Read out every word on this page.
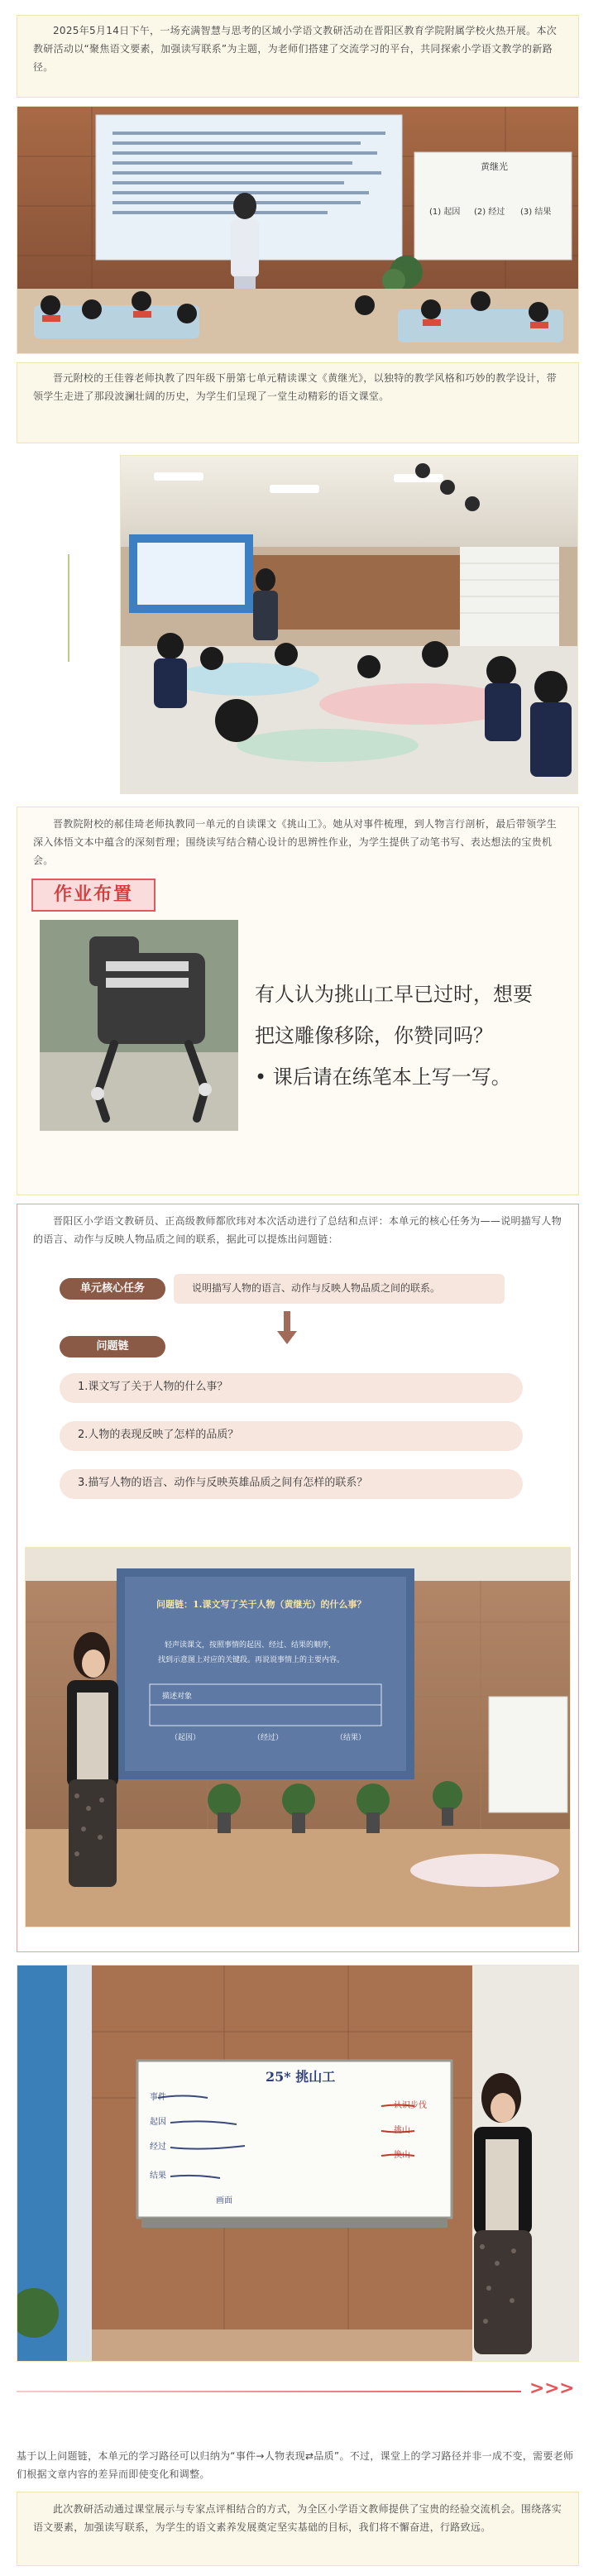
2025年5月14日下午，一场充满智慧与思考的区域小学语文教研活动在晋阳区教育学院附属学校火热开展。本次教研活动以“聚焦语文要素，加强读写联系”为主题，为老师们搭建了交流学习的平台，共同探索小学语文教学的新路径。
黄继光
(1) 起因 (2) 经过 (3) 结果
晋元附校的王佳蓉老师执教了四年级下册第七单元精读课文《黄继光》，以独特的教学风格和巧妙的教学设计，带领学生走进了那段波澜壮阔的历史，为学生们呈现了一堂生动精彩的语文课堂。
晋教院附校的郝佳琦老师执教同一单元的自读课文《挑山工》。她从对事件梳理，到人物言行剖析，最后带领学生深入体悟文本中蕴含的深刻哲理；围绕读写结合精心设计的思辨性作业，为学生提供了动笔书写、表达想法的宝贵机会。
作业布置
有人认为挑山工早已过时，想要
把这雕像移除，你赞同吗？
• 课后请在练笔本上写一写。
晋阳区小学语文教研员、正高级教师都欣玮对本次活动进行了总结和点评：本单元的核心任务为——说明描写人物的语言、动作与反映人物品质之间的联系，据此可以提炼出问题链：
单元核心任务	说明描写人物的语言、动作与反映人物品质之间的联系。
问题链
1.课文写了关于人物的什么事？
2.人物的表现反映了怎样的品质？
3.描写人物的语言、动作与反映英雄品质之间有怎样的联系？
问题链：1.课文写了关于人物（黄继光）的什么事？
轻声读课文，按照事情的起因、经过、结果的顺序，
找到示意图上对应的关键段。再说说事情上的主要内容。
描述对象
（起因）	（经过）	（结果）
25* 挑山工
事件
起因
经过
结果
画面
认识步伐
挑山
换山
> > >
基于以上问题链，本单元的学习路径可以归纳为“事件→人物表现⇄品质”。不过，课堂上的学习路径并非一成不变，需要老师们根据文章内容的差异而即使变化和调整。
此次教研活动通过课堂展示与专家点评相结合的方式，为全区小学语文教师提供了宝贵的经验交流机会。围绕落实语文要素，加强读写联系，为学生的语文素养发展奠定坚实基础的目标，我们将不懈奋进，行路致远。
